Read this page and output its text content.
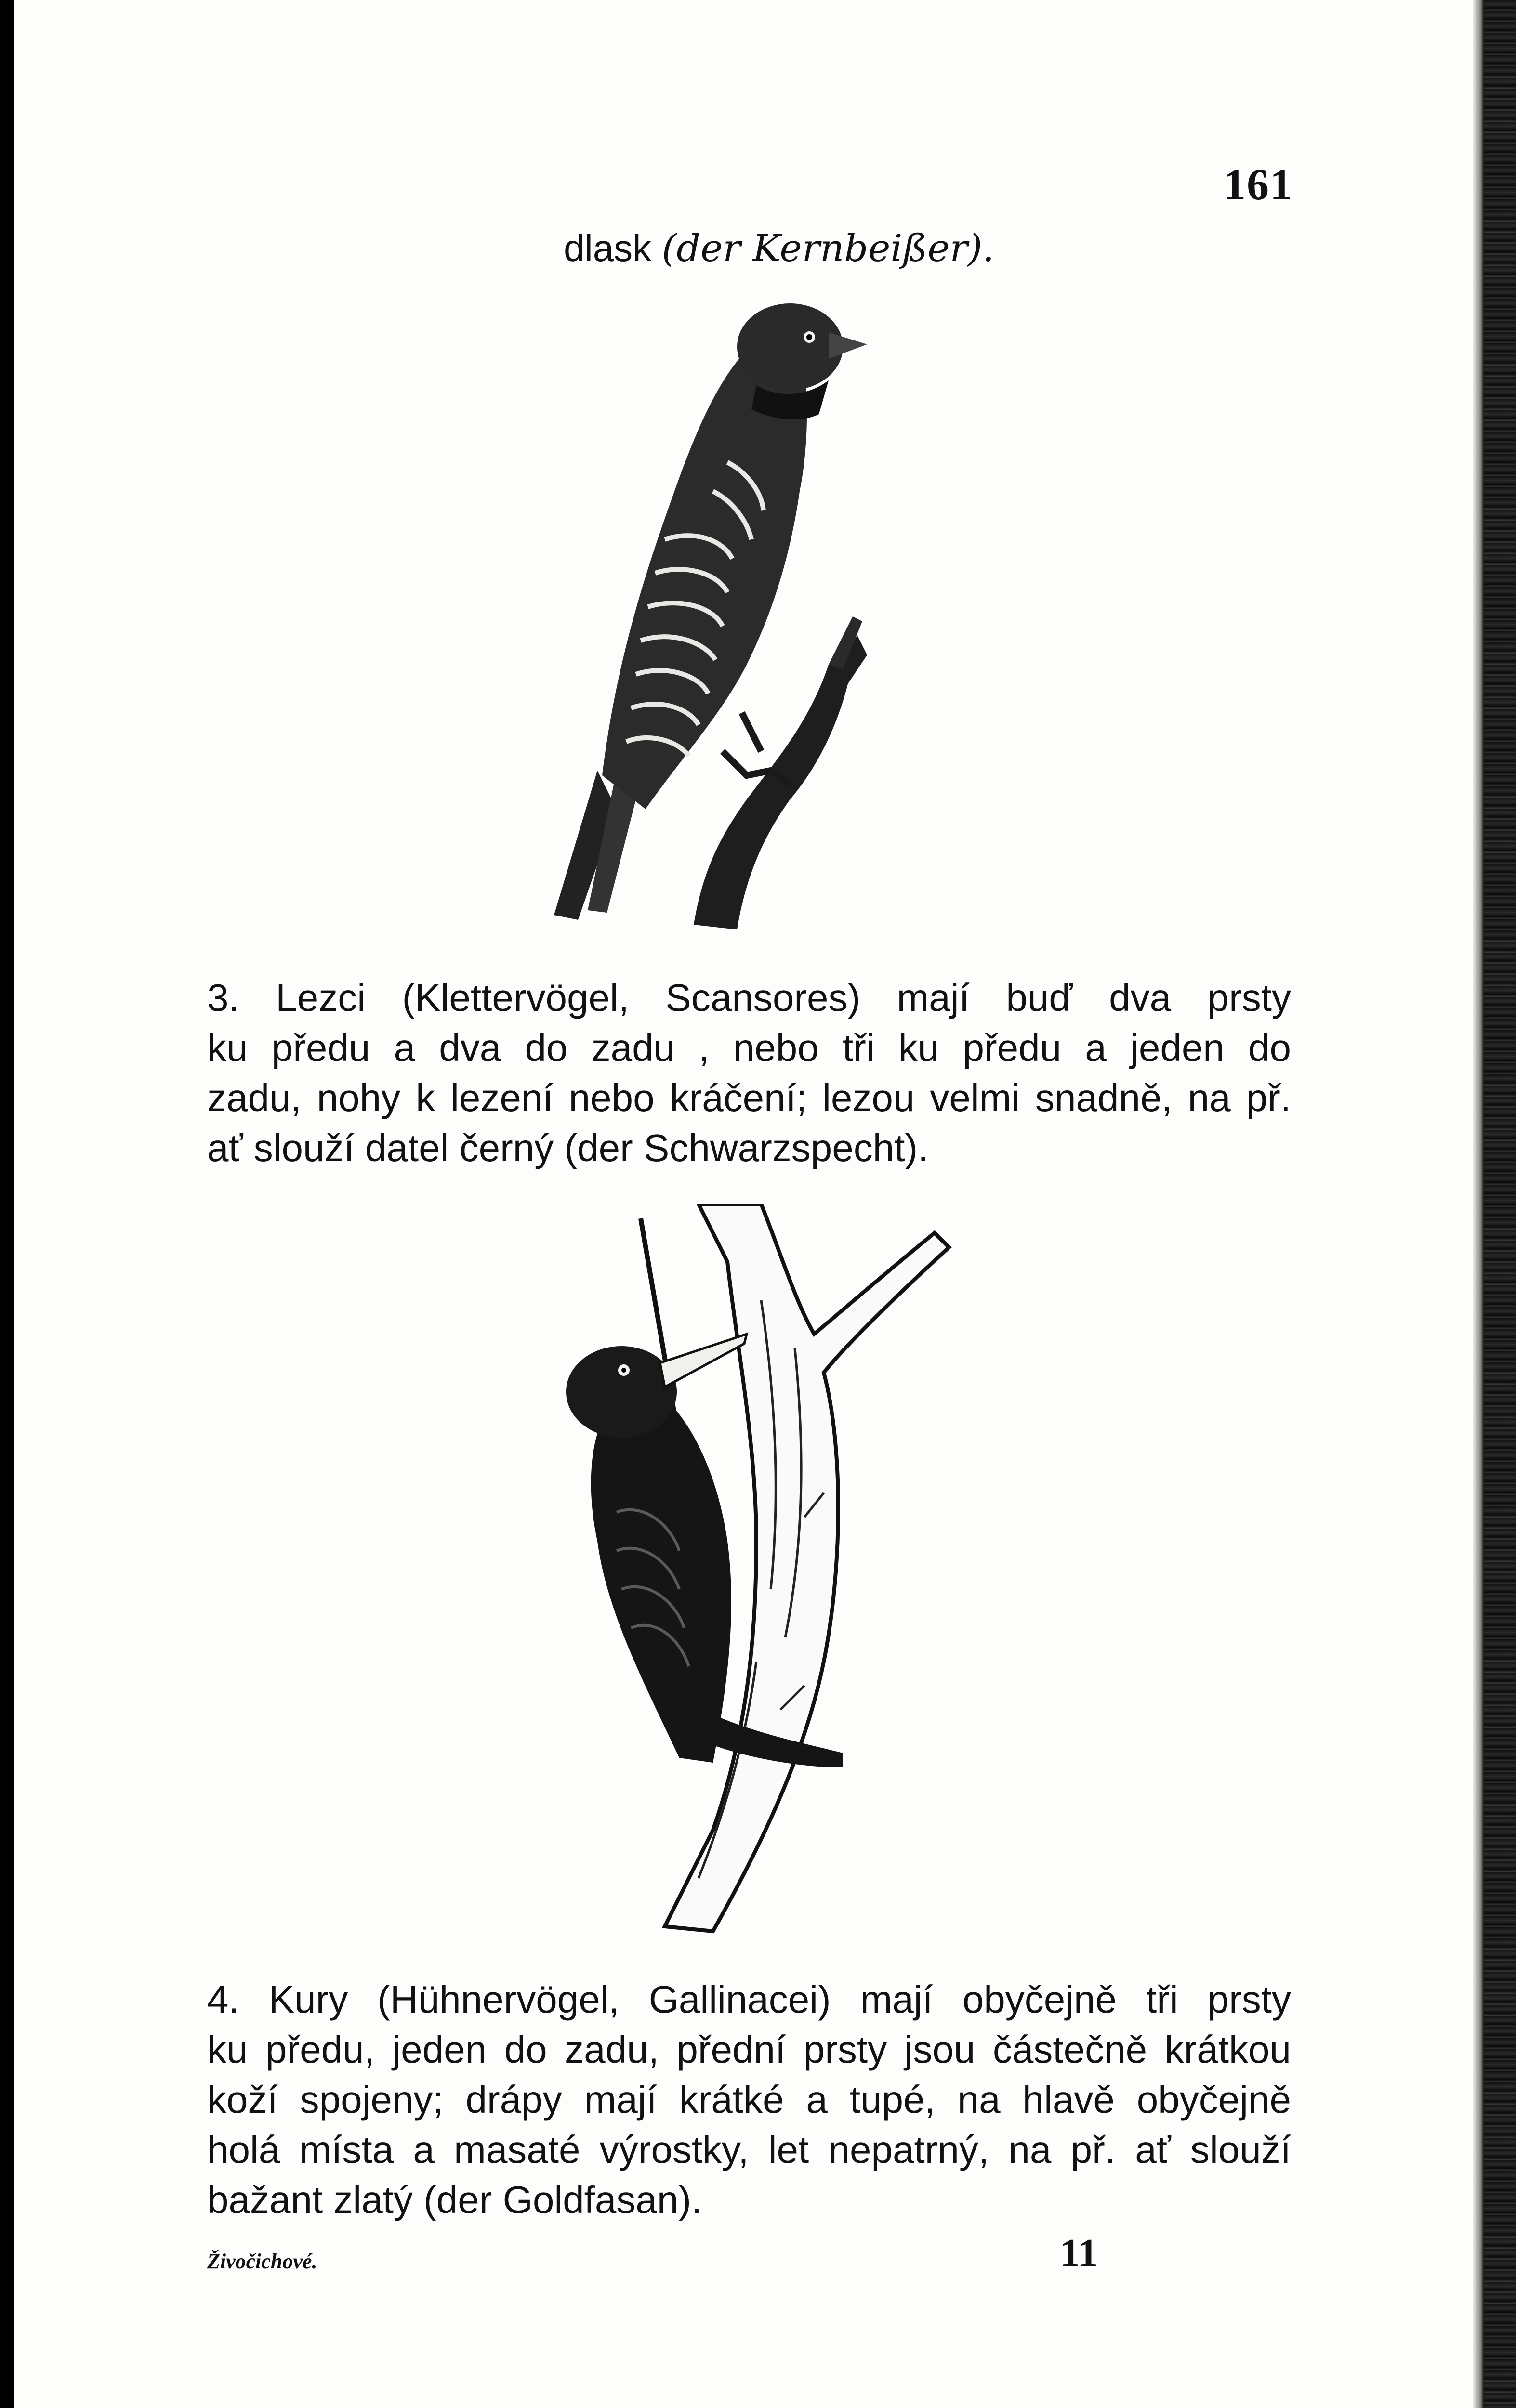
161
dlask (der Kernbeißer).
3. Lezci (Klettervögel, Scansores) mají buď dva prsty
ku předu a dva do zadu , nebo tři ku předu a jeden do
zadu, nohy k lezení nebo kráčení; lezou velmi snadně, na př.
ať slouží datel černý (der Schwarzspecht).
4. Kury (Hühnervögel, Gallinacei) mají obyčejně tři prsty
ku předu, jeden do zadu, přední prsty jsou částečně krátkou
koží spojeny; drápy mají krátké a tupé, na hlavě obyčejně
holá místa a masaté výrostky, let nepatrný, na př. ať slouží
bažant zlatý (der Goldfasan).
Živočichové.	11
